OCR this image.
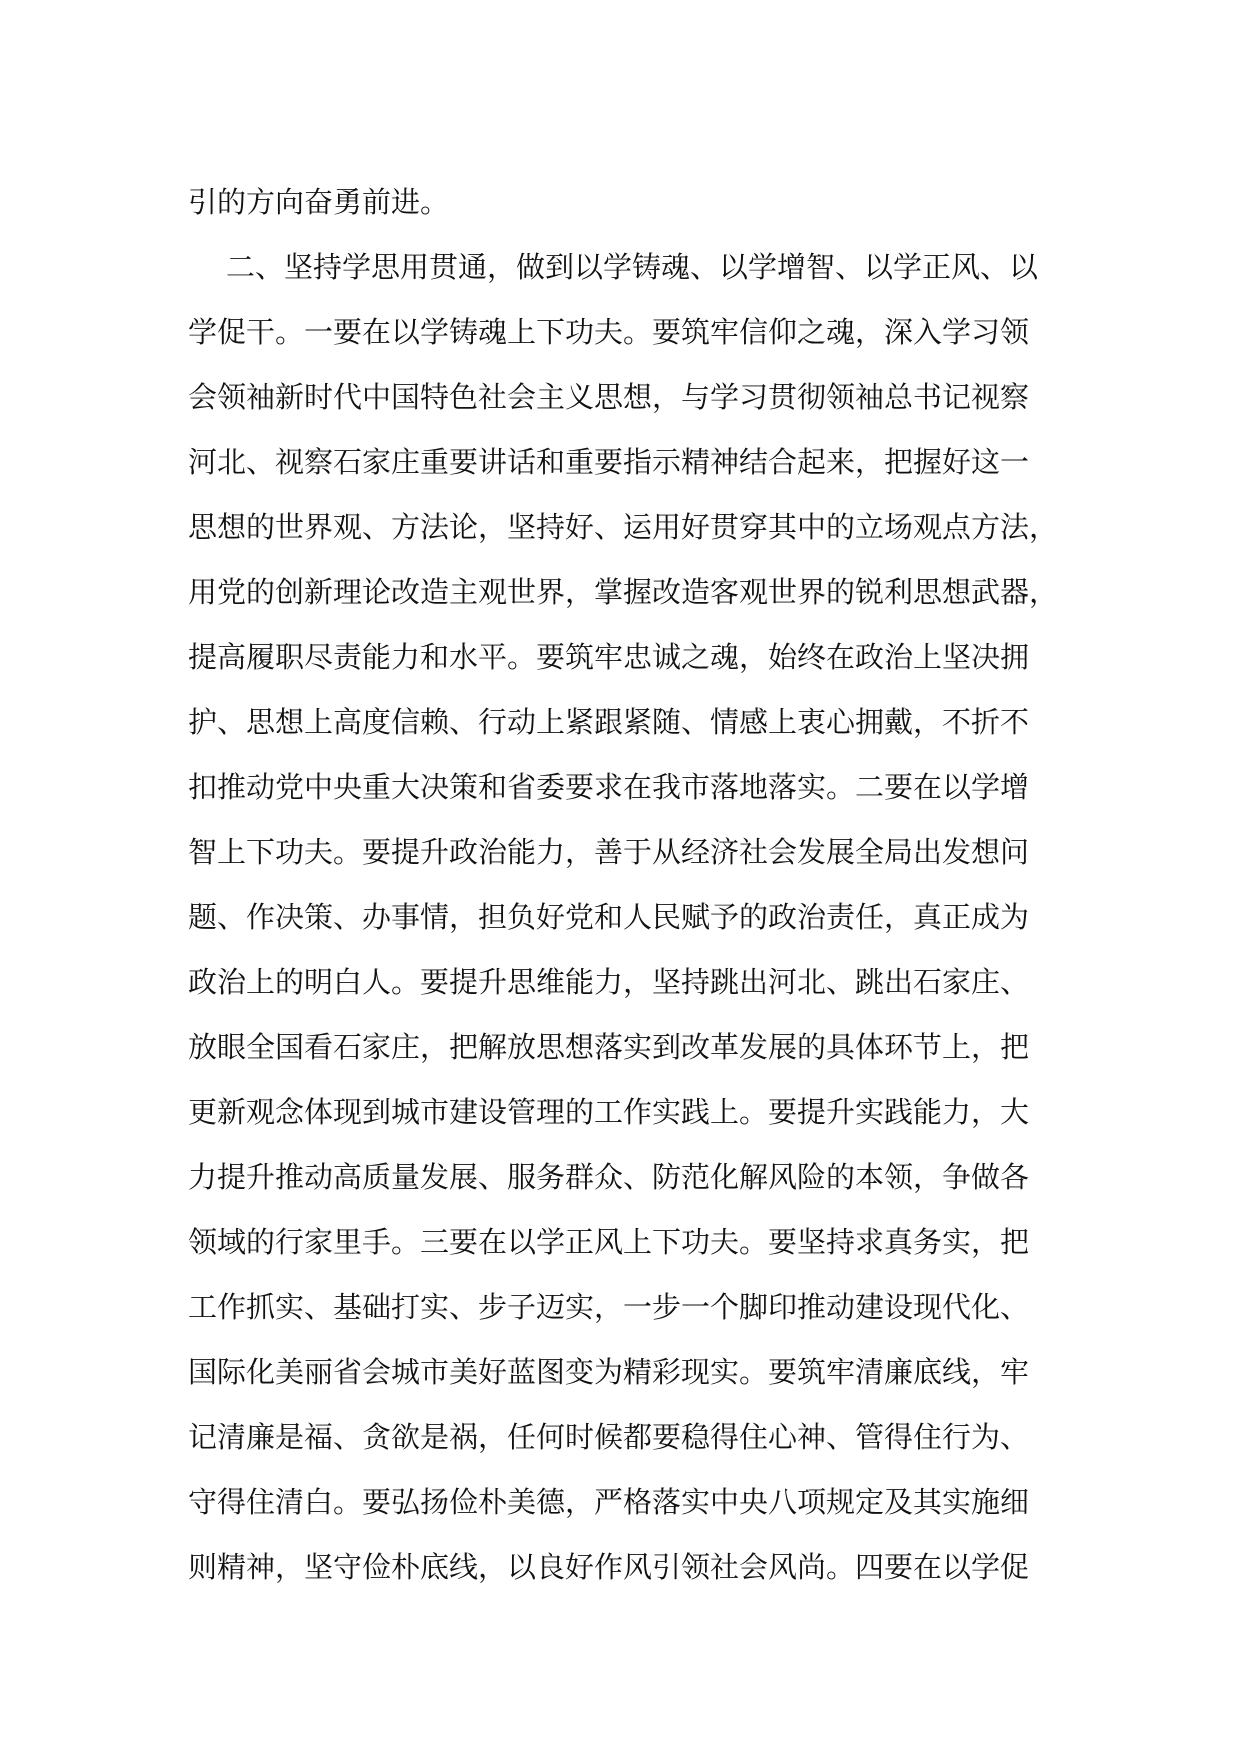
引的方向奋勇前进。
二、坚持学思用贯通，做到以学铸魂、以学增智、以学正风、以
学促干。一要在以学铸魂上下功夫。要筑牢信仰之魂，深入学习领
会领袖新时代中国特色社会主义思想，与学习贯彻领袖总书记视察
河北、视察石家庄重要讲话和重要指示精神结合起来，把握好这一
思想的世界观、方法论，坚持好、运用好贯穿其中的立场观点方法，
用党的创新理论改造主观世界，掌握改造客观世界的锐利思想武器，
提高履职尽责能力和水平。要筑牢忠诚之魂，始终在政治上坚决拥
护、思想上高度信赖、行动上紧跟紧随、情感上衷心拥戴，不折不
扣推动党中央重大决策和省委要求在我市落地落实。二要在以学增
智上下功夫。要提升政治能力，善于从经济社会发展全局出发想问
题、作决策、办事情，担负好党和人民赋予的政治责任，真正成为
政治上的明白人。要提升思维能力，坚持跳出河北、跳出石家庄、
放眼全国看石家庄，把解放思想落实到改革发展的具体环节上，把
更新观念体现到城市建设管理的工作实践上。要提升实践能力，大
力提升推动高质量发展、服务群众、防范化解风险的本领，争做各
领域的行家里手。三要在以学正风上下功夫。要坚持求真务实，把
工作抓实、基础打实、步子迈实，一步一个脚印推动建设现代化、
国际化美丽省会城市美好蓝图变为精彩现实。要筑牢清廉底线，牢
记清廉是福、贪欲是祸，任何时候都要稳得住心神、管得住行为、
守得住清白。要弘扬俭朴美德，严格落实中央八项规定及其实施细
则精神，坚守俭朴底线，以良好作风引领社会风尚。四要在以学促
